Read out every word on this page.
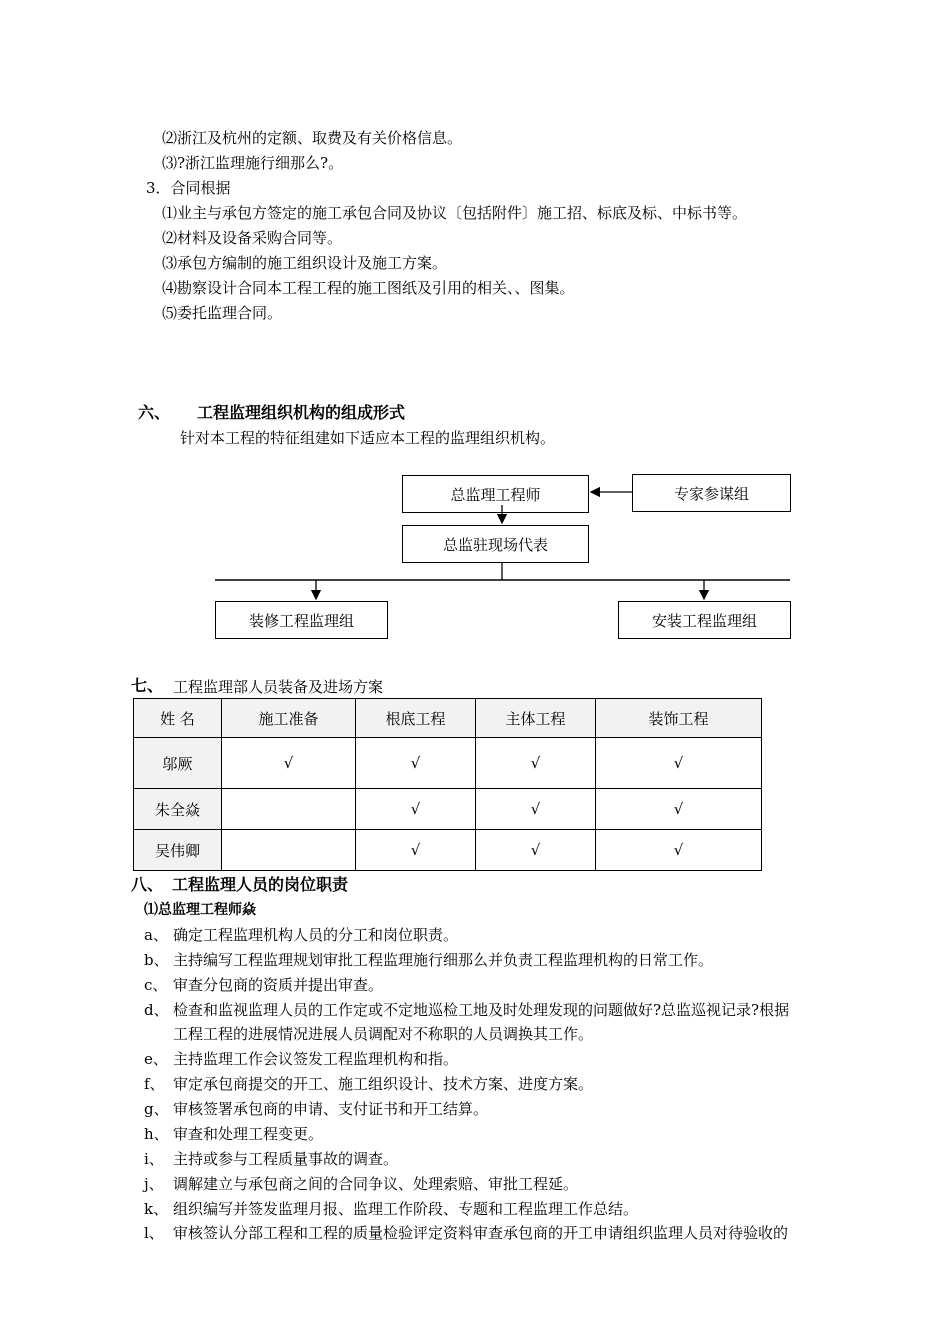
⑵浙江及杭州的定额、取费及有关价格信息。
⑶?浙江监理施行细那么?。
3．合同根据
⑴业主与承包方签定的施工承包合同及协议〔包括附件〕施工招、标底及标、中标书等。
⑵材料及设备采购合同等。
⑶承包方编制的施工组织设计及施工方案。
⑷勘察设计合同本工程工程的施工图纸及引用的相关、、图集。
⑸委托监理合同。
六、 工程监理组织机构的组成形式
针对本工程的特征组建如下适应本工程的监理组织机构。
总监理工程师	专家参谋组
总监驻现场代表
装修工程监理组	安装工程监理组
七、 工程监理部人员装备及进场方案
姓 名	施工准备	根底工程	主体工程	装饰工程
邬厥	√	√	√	√
朱全焱		√	√	√
吴伟卿		√	√	√
八、 工程监理人员的岗位职责
⑴总监理工程师焱
a、 确定工程监理机构人员的分工和岗位职责。
b、 主持编写工程监理规划审批工程监理施行细那么并负责工程监理机构的日常工作。
c、 审查分包商的资质并提出审查。
d、 检查和监视监理人员的工作定或不定地巡检工地及时处理发现的问题做好?总监巡视记录?根据
工程工程的进展情况进展人员调配对不称职的人员调换其工作。
e、 主持监理工作会议签发工程监理机构和指。
f、 审定承包商提交的开工、施工组织设计、技术方案、进度方案。
g、 审核签署承包商的申请、支付证书和开工结算。
h、 审查和处理工程变更。
i、 主持或参与工程质量事故的调查。
j、 调解建立与承包商之间的合同争议、处理索赔、审批工程延。
k、 组织编写并签发监理月报、监理工作阶段、专题和工程监理工作总结。
l、 审核签认分部工程和工程的质量检验评定资料审查承包商的开工申请组织监理人员对待验收的
